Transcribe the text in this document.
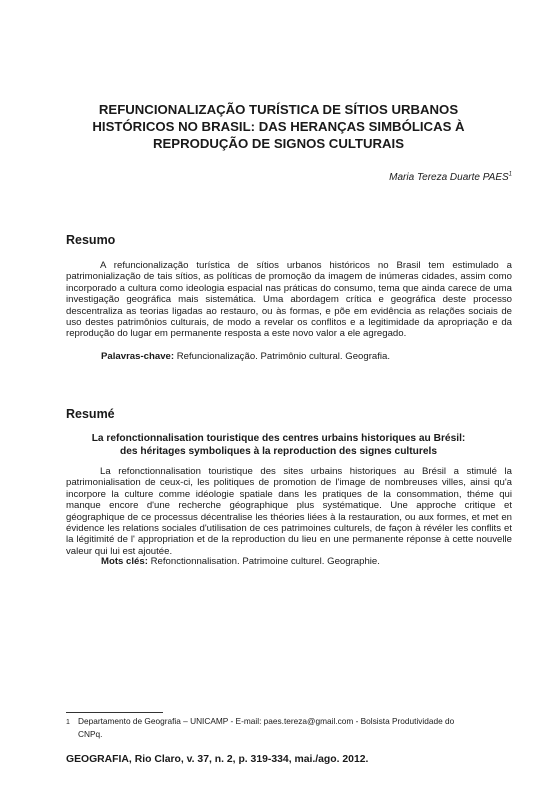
REFUNCIONALIZAÇÃO TURÍSTICA DE SÍTIOS URBANOS
HISTÓRICOS NO BRASIL: DAS HERANÇAS SIMBÓLICAS À
REPRODUÇÃO DE SIGNOS CULTURAIS
Maria Tereza Duarte PAES$^1$
Resumo

A refuncionalização turística de sítios urbanos históricos no Brasil tem estimulado a patrimonialização de tais sítios, as políticas de promoção da imagem de inúmeras cidades, assim como incorporado a cultura como ideologia espacial nas práticas do consumo, tema que ainda carece de uma investigação geográfica mais sistemática. Uma abordagem crítica e geográfica deste processo descentraliza as teorias ligadas ao restauro, ou às formas, e põe em evidência as relações sociais de uso destes patrimônios culturais, de modo a revelar os conflitos e a legitimidade da apropriação e da reprodução do lugar em permanente resposta a este novo valor a ele agregado.

Palavras-chave: Refuncionalização. Patrimônio cultural. Geografia.
Resumé
La refonctionnalisation touristique des centres urbains historiques au Brésil:
des héritages symboliques à la reproduction des signes culturels

La refonctionnalisation touristique des sites urbains historiques au Brésil a stimulé la patrimonialisation de ceux-ci, les politiques de promotion de l'image de nombreuses villes, ainsi qu'a incorpore la culture comme idéologie spatiale dans les pratiques de la consommation, théme qui manque encore d'une recherche géographique plus systématique. Une approche critique et géographique de ce processus décentralise les théories liées à la restauration, ou aux formes, et met en évidence les relations sociales d'utilisation de ces patrimoines culturels, de façon à révéler les conflits et la légitimité de l' appropriation et de la reproduction du lieu en une permanente réponse à cette nouvelle valeur qui lui est ajoutée.

Mots clés: Refonctionnalisation. Patrimoine culturel. Geographie.
1 Departamento de Geografia – UNICAMP - E-mail: paes.tereza@gmail.com - Bolsista Produtividade do
CNPq.
GEOGRAFIA, Rio Claro, v. 37, n. 2, p. 319-334, mai./ago. 2012.
